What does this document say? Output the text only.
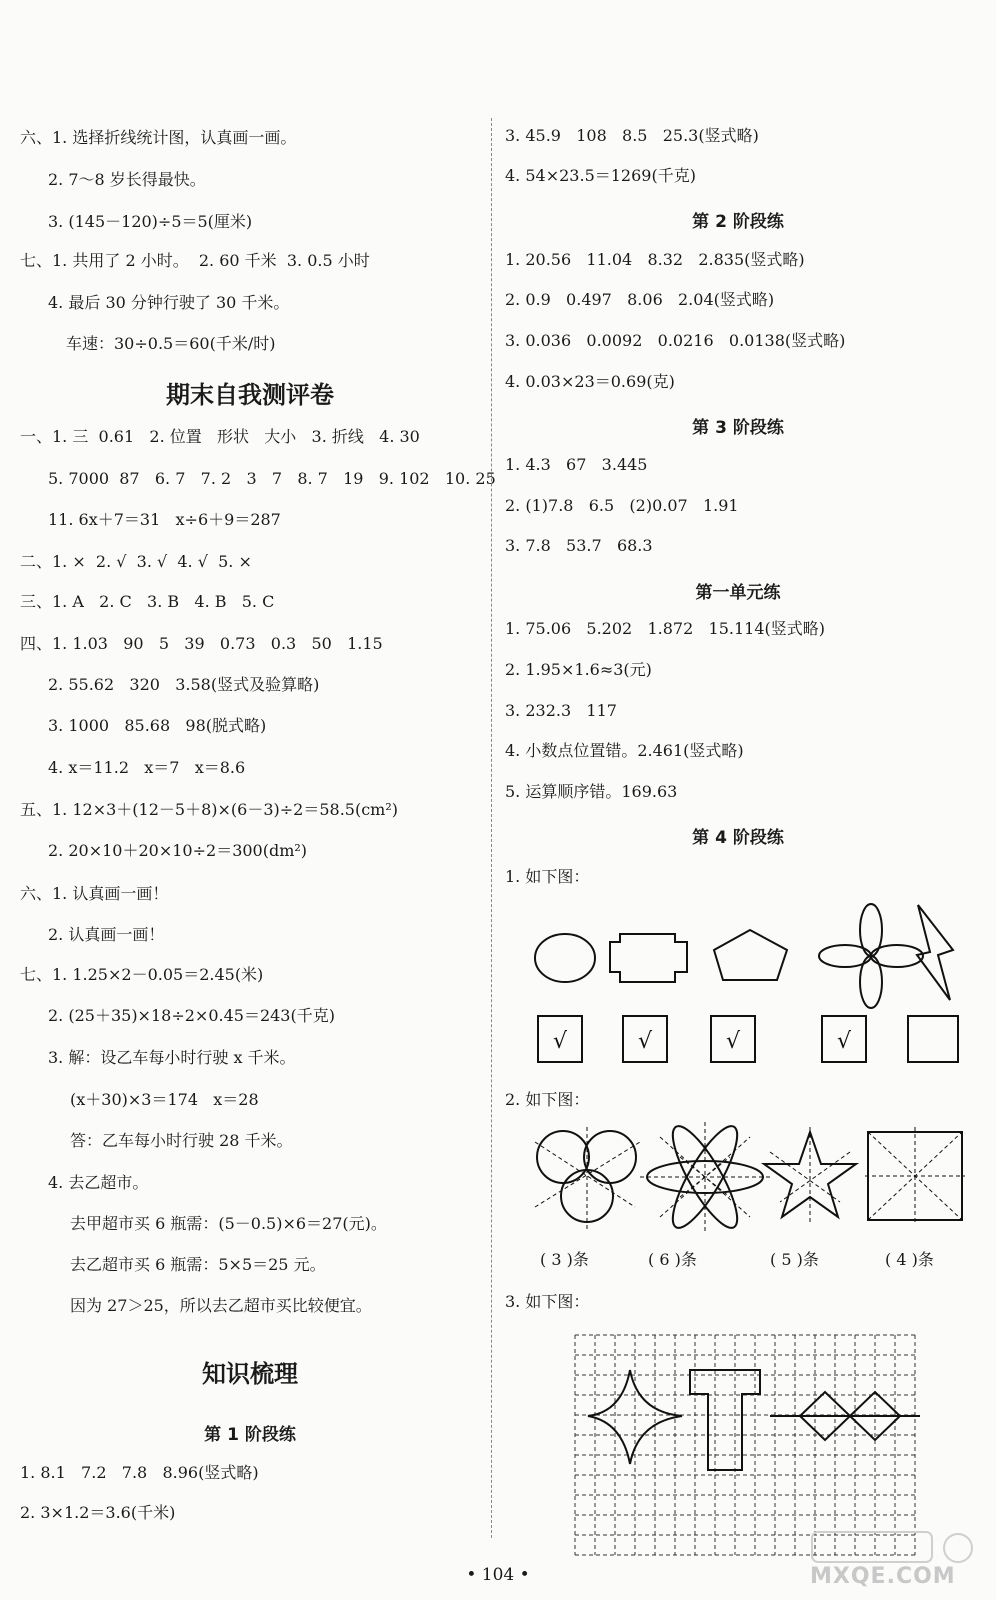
六、1. 选择折线统计图，认真画一画。
2. 7～8 岁长得最快。
3. (145－120)÷5＝5(厘米)
七、1. 共用了 2 小时。  2. 60 千米  3. 0.5 小时
4. 最后 30 分钟行驶了 30 千米。
车速：30÷0.5＝60(千米/时)
期末自我测评卷
一、1. 三  0.61   2. 位置   形状   大小   3. 折线   4. 30
5. 7000  87   6. 7   7. 2   3   7   8. 7   19   9. 102   10. 25
11. 6x＋7＝31   x÷6＋9＝287
二、1. ×  2. √  3. √  4. √  5. ×
三、1. A   2. C   3. B   4. B   5. C
四、1. 1.03   90   5   39   0.73   0.3   50   1.15
2. 55.62   320   3.58(竖式及验算略)
3. 1000   85.68   98(脱式略)
4. x＝11.2   x＝7   x＝8.6
五、1. 12×3＋(12－5＋8)×(6－3)÷2＝58.5(cm²)
2. 20×10＋20×10÷2＝300(dm²)
六、1. 认真画一画！
2. 认真画一画！
七、1. 1.25×2－0.05＝2.45(米)
2. (25＋35)×18÷2×0.45＝243(千克)
3. 解：设乙车每小时行驶 x 千米。
(x＋30)×3＝174   x＝28
答：乙车每小时行驶 28 千米。
4. 去乙超市。
去甲超市买 6 瓶需：(5－0.5)×6＝27(元)。
去乙超市买 6 瓶需：5×5＝25 元。
因为 27＞25，所以去乙超市买比较便宜。
知识梳理
第 1 阶段练
1. 8.1   7.2   7.8   8.96(竖式略)
2. 3×1.2＝3.6(千米)
3. 45.9   108   8.5   25.3(竖式略)
4. 54×23.5＝1269(千克)
第 2 阶段练
1. 20.56   11.04   8.32   2.835(竖式略)
2. 0.9   0.497   8.06   2.04(竖式略)
3. 0.036   0.0092   0.0216   0.0138(竖式略)
4. 0.03×23＝0.69(克)
第 3 阶段练
1. 4.3   67   3.445
2. (1)7.8   6.5   (2)0.07   1.91
3. 7.8   53.7   68.3
第一单元练
1. 75.06   5.202   1.872   15.114(竖式略)
2. 1.95×1.6≈3(元)
3. 232.3   117
4. 小数点位置错。2.461(竖式略)
5. 运算顺序错。169.63
第 4 阶段练
1. 如下图：
√	√	√	√
2. 如下图：
( 3 )条	( 6 )条	( 5 )条	( 4 )条
3. 如下图：
• 104 •	MXQE.COM
